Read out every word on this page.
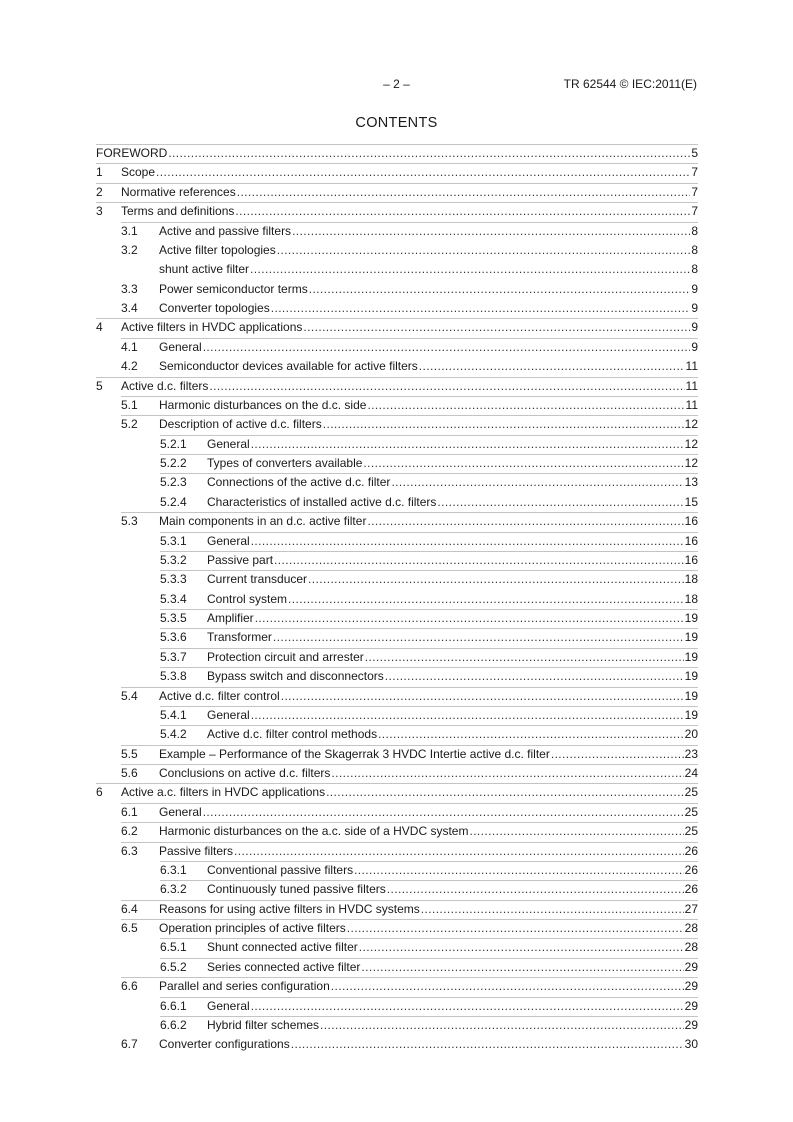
– 2 –	TR 62544 © IEC:2011(E)
CONTENTS
FOREWORD .....	5
1	Scope .....	7
2	Normative references .....	7
3	Terms and definitions .....	7
3.1	Active and passive filters .....	8
3.2	Active filter topologies .....	8
shunt active filter .....	8
3.3	Power semiconductor terms .....	9
3.4	Converter topologies .....	9
4	Active filters in HVDC applications .....	9
4.1	General .....	9
4.2	Semiconductor devices available for active filters .....	11
5	Active d.c. filters .....	11
5.1	Harmonic disturbances on the d.c. side .....	11
5.2	Description of active d.c. filters .....	12
5.2.1	General .....	12
5.2.2	Types of converters available .....	12
5.2.3	Connections of the active d.c. filter .....	13
5.2.4	Characteristics of installed active d.c. filters .....	15
5.3	Main components in an d.c. active filter .....	16
5.3.1	General .....	16
5.3.2	Passive part .....	16
5.3.3	Current transducer .....	18
5.3.4	Control system .....	18
5.3.5	Amplifier .....	19
5.3.6	Transformer .....	19
5.3.7	Protection circuit and arrester .....	19
5.3.8	Bypass switch and disconnectors .....	19
5.4	Active d.c. filter control .....	19
5.4.1	General .....	19
5.4.2	Active d.c. filter control methods .....	20
5.5	Example – Performance of the Skagerrak 3 HVDC Intertie active d.c. filter .....	23
5.6	Conclusions on active d.c. filters .....	24
6	Active a.c. filters in HVDC applications .....	25
6.1	General .....	25
6.2	Harmonic disturbances on the a.c. side of a HVDC system .....	25
6.3	Passive filters .....	26
6.3.1	Conventional passive filters .....	26
6.3.2	Continuously tuned passive filters .....	26
6.4	Reasons for using active filters in HVDC systems .....	27
6.5	Operation principles of active filters .....	28
6.5.1	Shunt connected active filter .....	28
6.5.2	Series connected active filter .....	29
6.6	Parallel and series configuration .....	29
6.6.1	General .....	29
6.6.2	Hybrid filter schemes .....	29
6.7	Converter configurations .....	30
